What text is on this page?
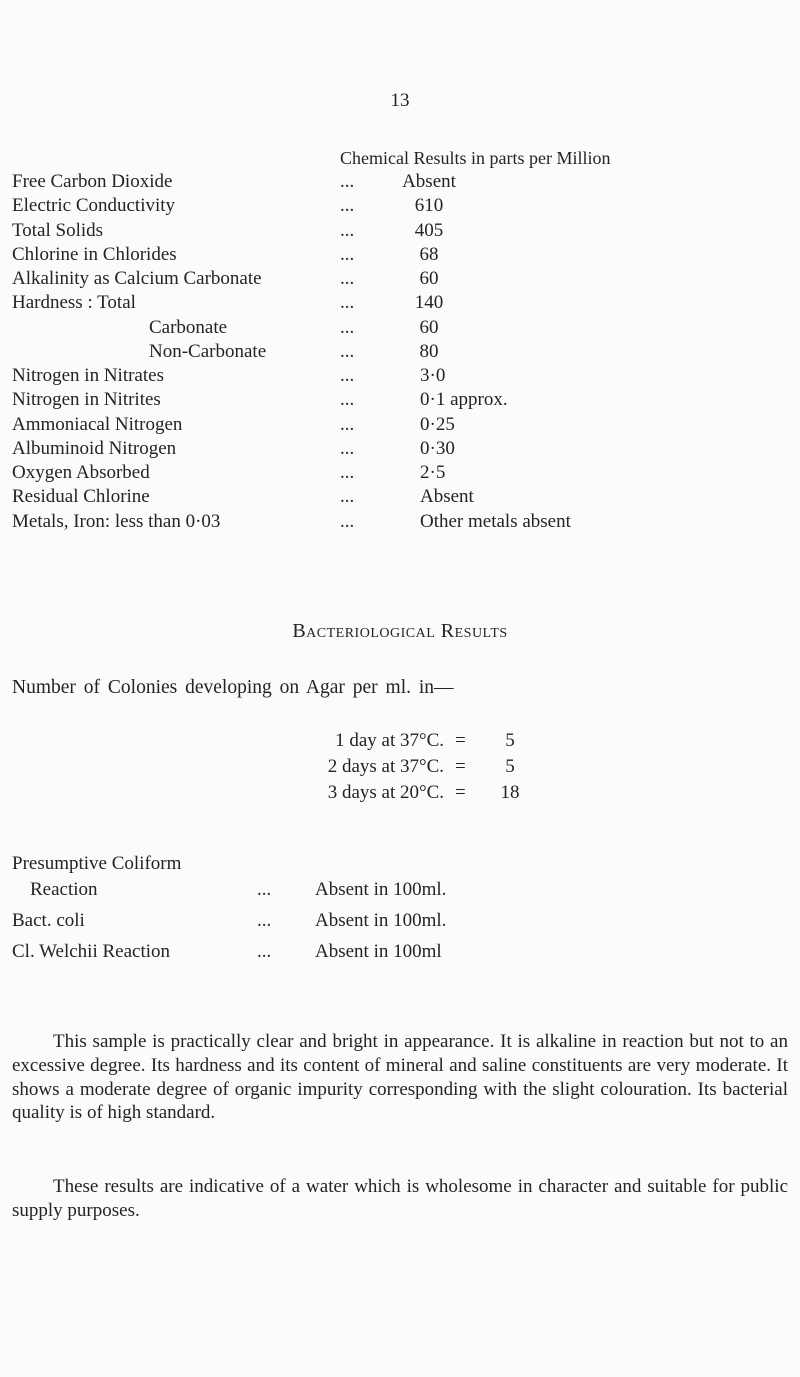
13
Chemical Results in parts per Million
Free Carbon Dioxide	...	Absent
Electric Conductivity	...	610
Total Solids	...	405
Chlorine in Chlorides	...	68
Alkalinity as Calcium Carbonate	...	60
Hardness : Total	...	140
Carbonate	...	60
Non-Carbonate	...	80
Nitrogen in Nitrates	...	3·0
Nitrogen in Nitrites	...	0·1 approx.
Ammoniacal Nitrogen	...	0·25
Albuminoid Nitrogen	...	0·30
Oxygen Absorbed	...	2·5
Residual Chlorine	...	Absent
Metals, Iron: less than 0·03	...	Other metals absent
Bacteriological Results
Number of Colonies developing on Agar per ml. in—
1 day at 37°C. =	5
2 days at 37°C. =	5
3 days at 20°C. =	18
Presumptive Coliform
Reaction	... Absent in 100ml.
Bact. coli	... Absent in 100ml.
Cl. Welchii Reaction	... Absent in 100ml
This sample is practically clear and bright in appearance. It is alkaline in reaction but not to an excessive degree. Its hardness and its content of mineral and saline constituents are very moderate. It shows a moderate degree of organic impurity corresponding with the slight colouration. Its bacterial quality is of high standard.
These results are indicative of a water which is wholesome in character and suitable for public supply purposes.
